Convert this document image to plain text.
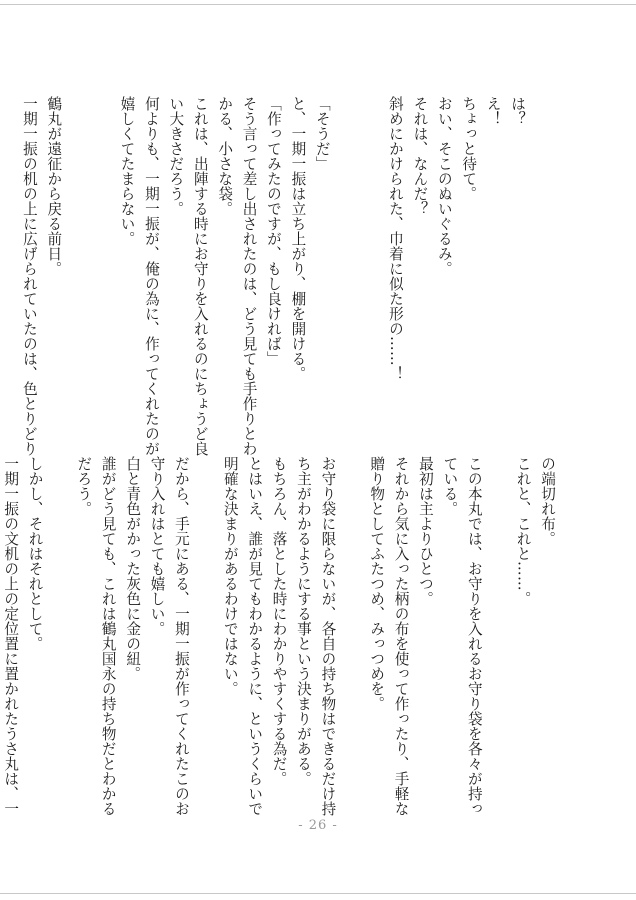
は？
え！
ちょっと待て。
おい、そこのぬいぐるみ。
それは、なんだ？
斜めにかけられた、巾着に似た形の……！
「そうだ」
と、一期一振は立ち上がり、棚を開ける。
「作ってみたのですが、もし良ければ」
そう言って差し出されたのは、どう見ても手作りとわ
かる、小さな袋。
これは、出陣する時にお守りを入れるのにちょうど良
い大きさだろう。
何よりも、一期一振が、俺の為に、作ってくれたのが
嬉しくてたまらない。
鶴丸が遠征から戻る前日。
一期一振の机の上に広げられていたのは、色とりどり
の端切れ布。
これと、これと……。
この本丸では、お守りを入れるお守り袋を各々が持っ
ている。
最初は主よりひとつ。
それから気に入った柄の布を使って作ったり、手軽な
贈り物としてふたつめ、みっつめを。
お守り袋に限らないが、各自の持ち物はできるだけ持
ち主がわかるようにする事という決まりがある。
もちろん、落とした時にわかりやすくする為だ。
とはいえ、誰が見てもわかるように、というくらいで
明確な決まりがあるわけではない。
だから、手元にある、一期一振が作ってくれたこのお
守り入れはとても嬉しい。
白と青色がかった灰色に金の紐。
誰がどう見ても、これは鶴丸国永の持ち物だとわかる
だろう。
しかし、それはそれとして。
一期一振の文机の上の定位置に置かれたうさ丸は、一
- 26 -
